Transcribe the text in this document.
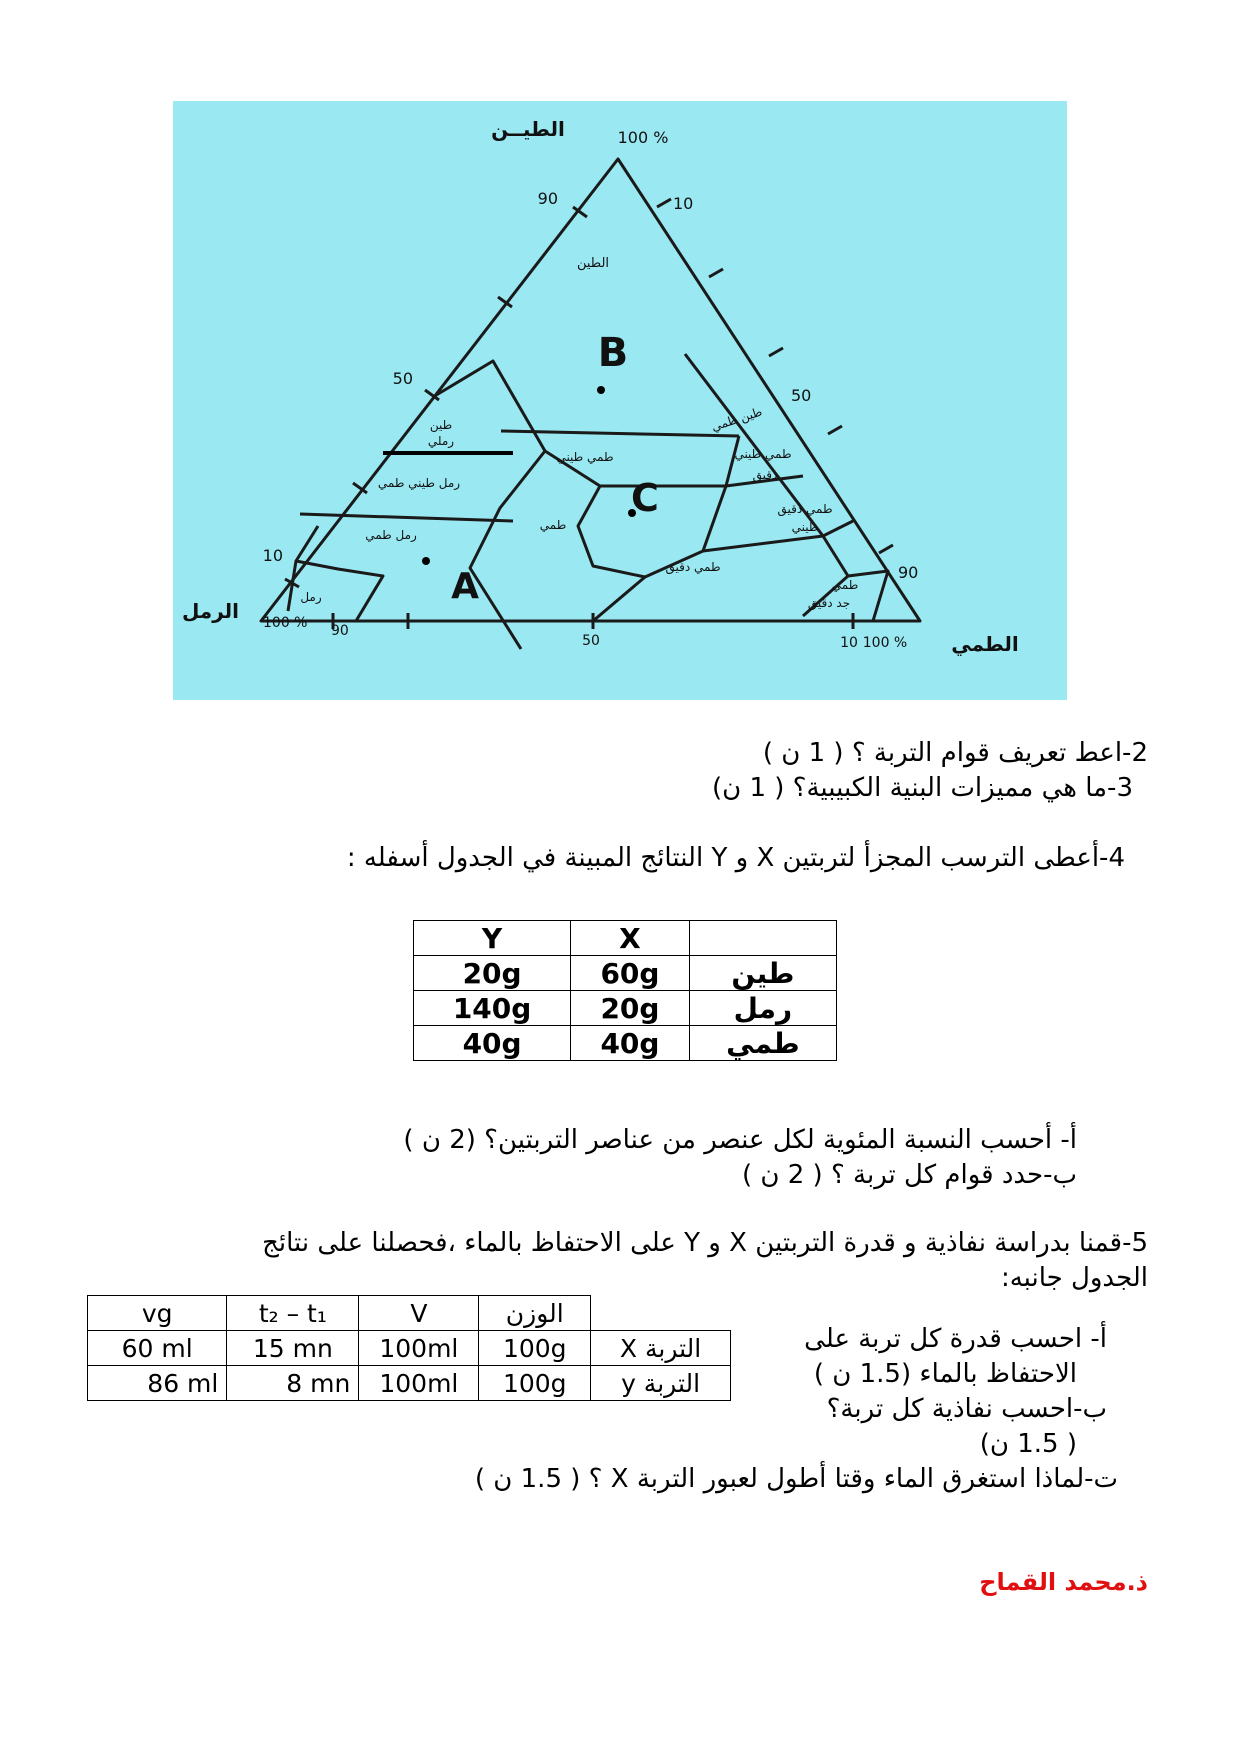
الطيــن	100 %
90	10
50
50
10
90
الرمل 100 % 90
50	10 100 % الطمي
B
C
A
الطين
طين
رملي
رمل طيني طمي
طمي طيني
رمل طمي
طمي
رمل
طمي دقيق
طين طمي
طمي طيني
دقيق
طمي دقيق
طيني
طمي
جد دقيق
2-اعط تعريف قوام التربة ؟ ( 1 ن )
3-ما هي مميزات البنية الكبيبية؟ ( 1 ن)
4-أعطى الترسب المجزأ لتربتين X و Y النتائج المبينة في الجدول أسفله :
Y	X	
20g	60g	طين
140g	20g	رمل
40g	40g	طمي
أ- أحسب النسبة المئوية لكل عنصر من عناصر التربتين؟ (2 ن )
ب-حدد قوام كل تربة ؟ ( 2 ن )
5-قمنا بدراسة نفاذية و قدرة التربتين X و Y على الاحتفاظ بالماء ،فحصلنا على نتائج
الجدول جانبه:
vg	t₂ – t₁	V	الوزن	
60 ml	15 mn	100ml	100g	التربة X
86 ml	8 mn	100ml	100g	التربة y
أ- احسب قدرة كل تربة على
الاحتفاظ بالماء (1.5 ن )
ب-احسب نفاذية كل تربة؟
( 1.5 ن)
ت-لماذا استغرق الماء وقتا أطول لعبور التربة X ؟ ( 1.5 ن )
ذ.محمد القماح
